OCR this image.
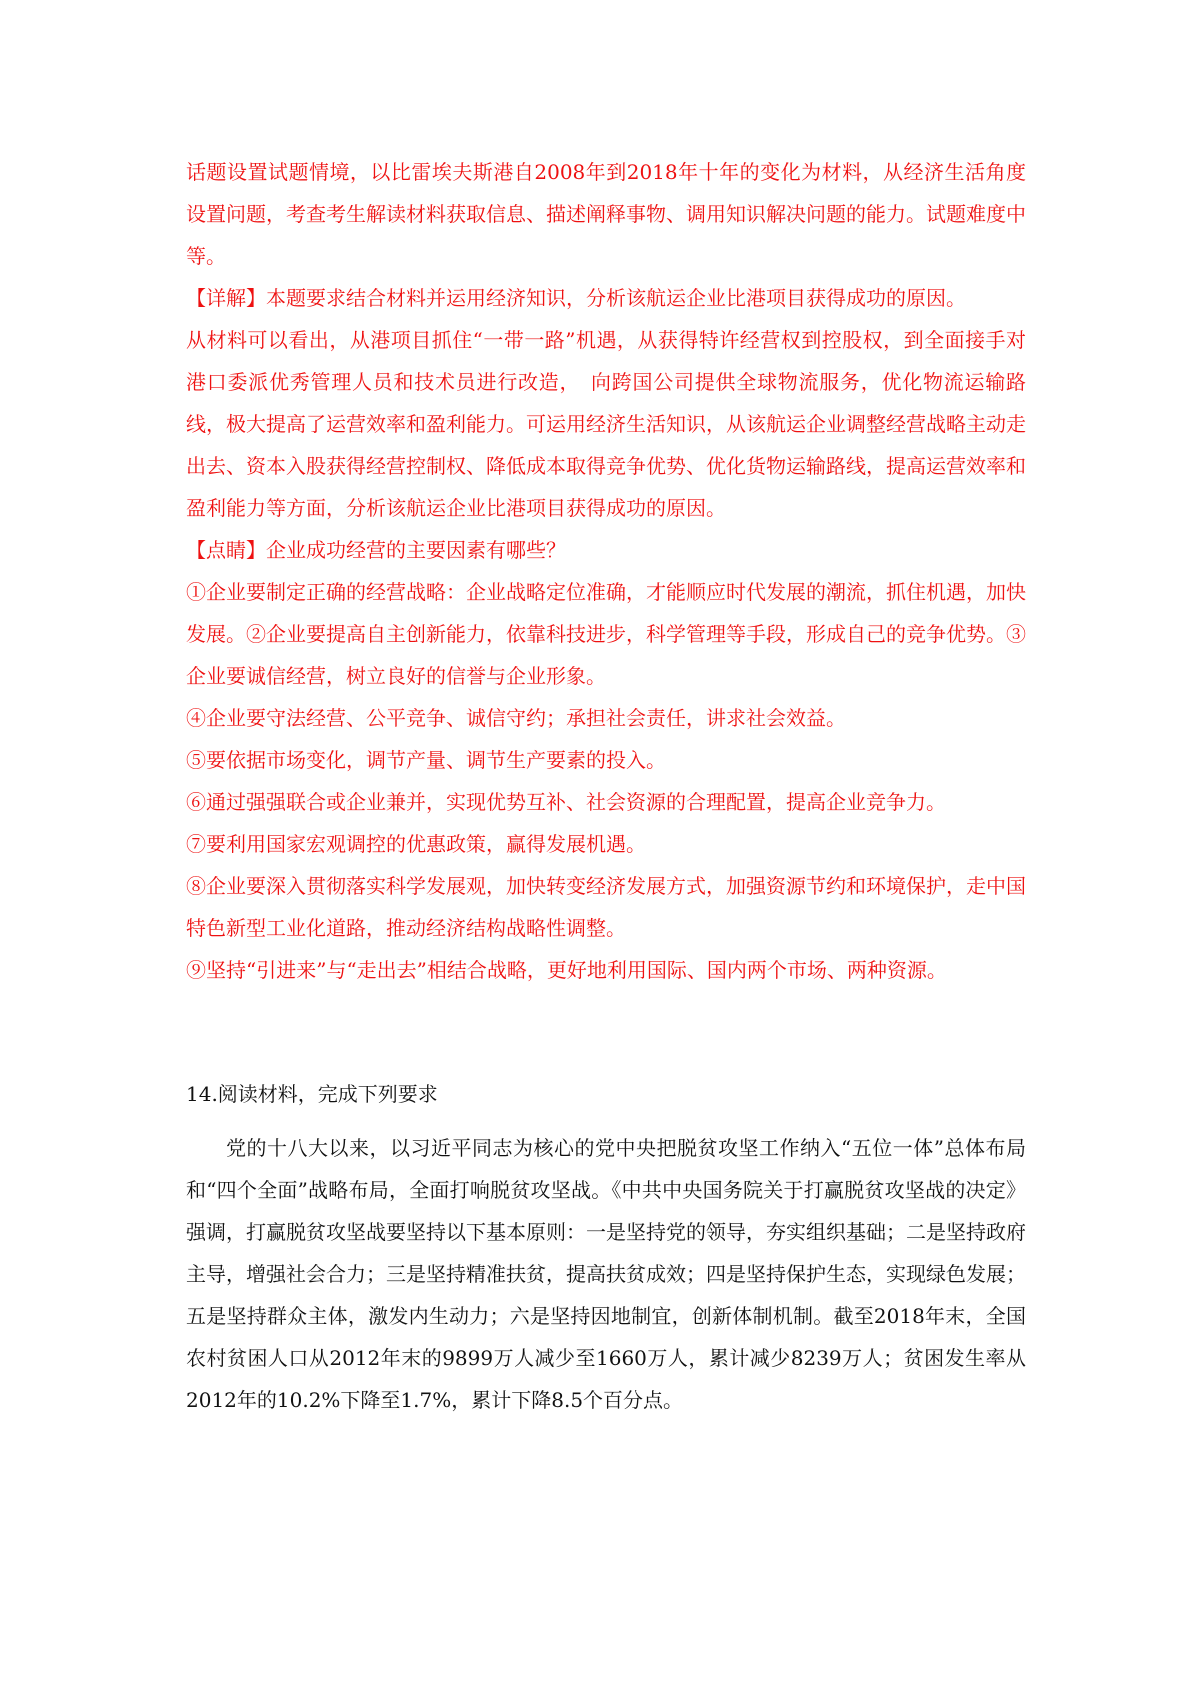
话题设置试题情境，以比雷埃夫斯港自2008年到2018年十年的变化为材料，从经济生活角度设置问题，考查考生解读材料获取信息、描述阐释事物、调用知识解决问题的能力。试题难度中等。

【详解】本题要求结合材料并运用经济知识，分析该航运企业比港项目获得成功的原因。

从材料可以看出，从港项目抓住“一带一路”机遇，从获得特许经营权到控股权，到全面接手对港口委派优秀管理人员和技术员进行改造，　向跨国公司提供全球物流服务，优化物流运输路线，极大提高了运营效率和盈利能力。可运用经济生活知识，从该航运企业调整经营战略主动走出去、资本入股获得经营控制权、降低成本取得竞争优势、优化货物运输路线，提高运营效率和盈利能力等方面，分析该航运企业比港项目获得成功的原因。

【点睛】企业成功经营的主要因素有哪些？

①企业要制定正确的经营战略：企业战略定位准确，才能顺应时代发展的潮流，抓住机遇，加快发展。②企业要提高自主创新能力，依靠科技进步，科学管理等手段，形成自己的竞争优势。③企业要诚信经营，树立良好的信誉与企业形象。

④企业要守法经营、公平竞争、诚信守约；承担社会责任，讲求社会效益。

⑤要依据市场变化，调节产量、调节生产要素的投入。

⑥通过强强联合或企业兼并，实现优势互补、社会资源的合理配置，提高企业竞争力。

⑦要利用国家宏观调控的优惠政策，赢得发展机遇。

⑧企业要深入贯彻落实科学发展观，加快转变经济发展方式，加强资源节约和环境保护，走中国特色新型工业化道路，推动经济结构战略性调整。

⑨坚持“引进来”与“走出去”相结合战略，更好地利用国际、国内两个市场、两种资源。

14.阅读材料，完成下列要求

党的十八大以来，以习近平同志为核心的党中央把脱贫攻坚工作纳入“五位一体”总体布局和“四个全面”战略布局，全面打响脱贫攻坚战。《中共中央国务院关于打赢脱贫攻坚战的决定》强调，打赢脱贫攻坚战要坚持以下基本原则：一是坚持党的领导，夯实组织基础；二是坚持政府主导，增强社会合力；三是坚持精准扶贫，提高扶贫成效；四是坚持保护生态，实现绿色发展；五是坚持群众主体，激发内生动力；六是坚持因地制宜，创新体制机制。截至2018年末，全国农村贫困人口从2012年末的9899万人减少至1660万人，累计减少8239万人；贫困发生率从2012年的10.2%下降至1.7%，累计下降8.5个百分点。
